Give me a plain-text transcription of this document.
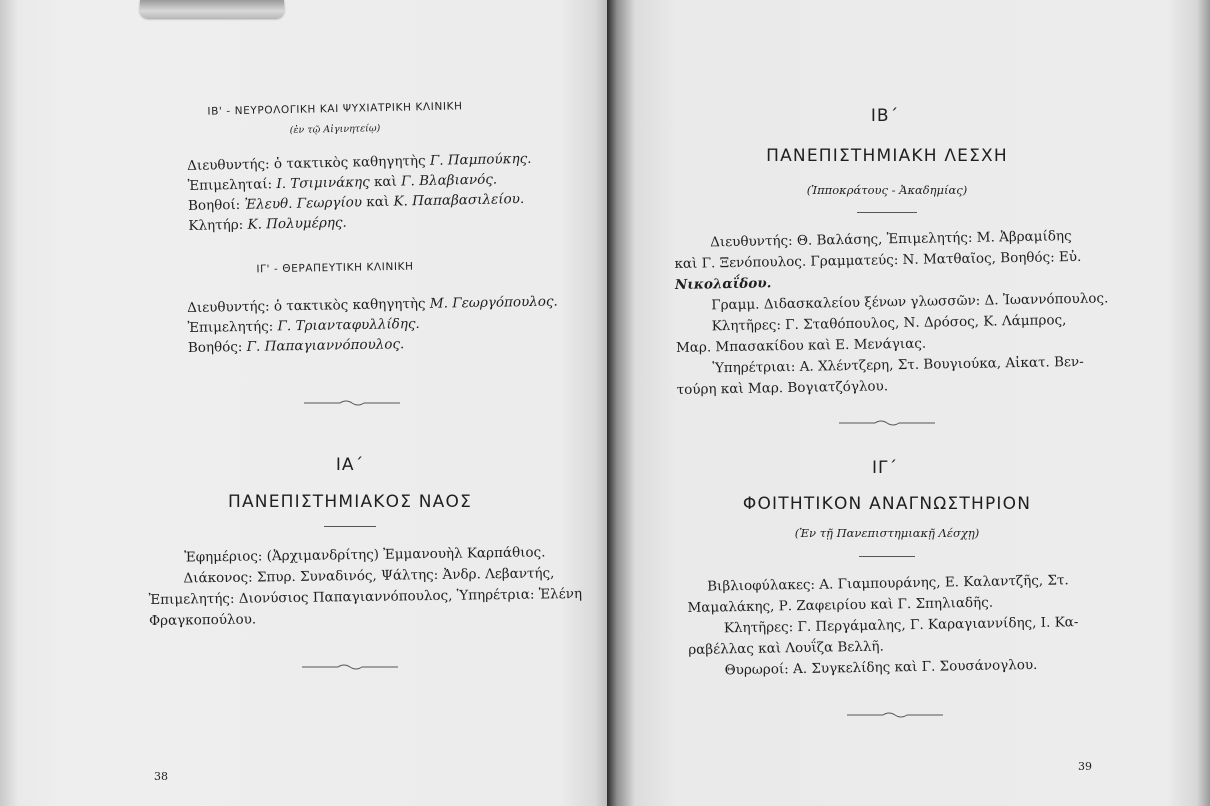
ΙΒ' - ΝΕΥΡΟΛΟΓΙΚΗ ΚΑΙ ΨΥΧΙΑΤΡΙΚΗ ΚΛΙΝΙΚΗ
(ἐν τῷ Αἰγινητείῳ)
Διευθυντής: ὁ τακτικὸς καθηγητὴς Γ. Παμπούκης.
Ἐπιμεληταί: Ι. Τσιμινάκης καὶ Γ. Βλαβιανός.
Βοηθοί: Ἐλευθ. Γεωργίου καὶ Κ. Παπαβασιλείου.
Κλητήρ: Κ. Πολυμέρης.
ΙΓ' - ΘΕΡΑΠΕΥΤΙΚΗ ΚΛΙΝΙΚΗ
Διευθυντής: ὁ τακτικὸς καθηγητὴς Μ. Γεωργόπουλος.
Ἐπιμελητής: Γ. Τριανταφυλλίδης.
Βοηθός: Γ. Παπαγιαννόπουλος.
ΙΑ΄
ΠΑΝΕΠΙΣΤΗΜΙΑΚΟΣ ΝΑΟΣ
Ἐφημέριος: (Ἀρχιμανδρίτης) Ἐμμανουὴλ Καρπάθιος.
Διάκονος: Σπυρ. Συναδινός, Ψάλτης: Ἀνδρ. Λεβαντής,
Ἐπιμελητής: Διονύσιος Παπαγιαννόπουλος, Ὑπηρέτρια: Ἑλένη
Φραγκοπούλου.
38
ΙΒ΄
ΠΑΝΕΠΙΣΤΗΜΙΑΚΗ ΛΕΣΧΗ
(Ἱπποκράτους - Ἀκαδημίας)
Διευθυντής: Θ. Βαλάσης, Ἐπιμελητής: Μ. Ἀβραμίδης
καὶ Γ. Ξενόπουλος. Γραμματεύς: Ν. Ματθαῖος, Βοηθός: Εὐ.
Νικολαΐδου.
Γραμμ. Διδασκαλείου ξένων γλωσσῶν: Δ. Ἰωαννόπουλος.
Κλητῆρες: Γ. Σταθόπουλος, Ν. Δρόσος, Κ. Λάμπρος,
Μαρ. Μπασακίδου καὶ Ε. Μενάγιας.
Ὑπηρέτριαι: Α. Χλέντζερη, Στ. Βουγιούκα, Αἰκατ. Βεν-
τούρη καὶ Μαρ. Βογιατζόγλου.
ΙΓ΄
ΦΟΙΤΗΤΙΚΟΝ ΑΝΑΓΝΩΣΤΗΡΙΟΝ
(Ἐν τῇ Πανεπιστημιακῇ Λέσχῃ)
Βιβλιοφύλακες: Α. Γιαμπουράνης, Ε. Καλαντζῆς, Στ.
Μαμαλάκης, Ρ. Ζαφειρίου καὶ Γ. Σπηλιαδῆς.
Κλητῆρες: Γ. Περγάμαλης, Γ. Καραγιαννίδης, Ι. Κα-
ραβέλλας καὶ Λουΐζα Βελλῆ.
Θυρωροί: Α. Συγκελίδης καὶ Γ. Σουσάνογλου.
39
